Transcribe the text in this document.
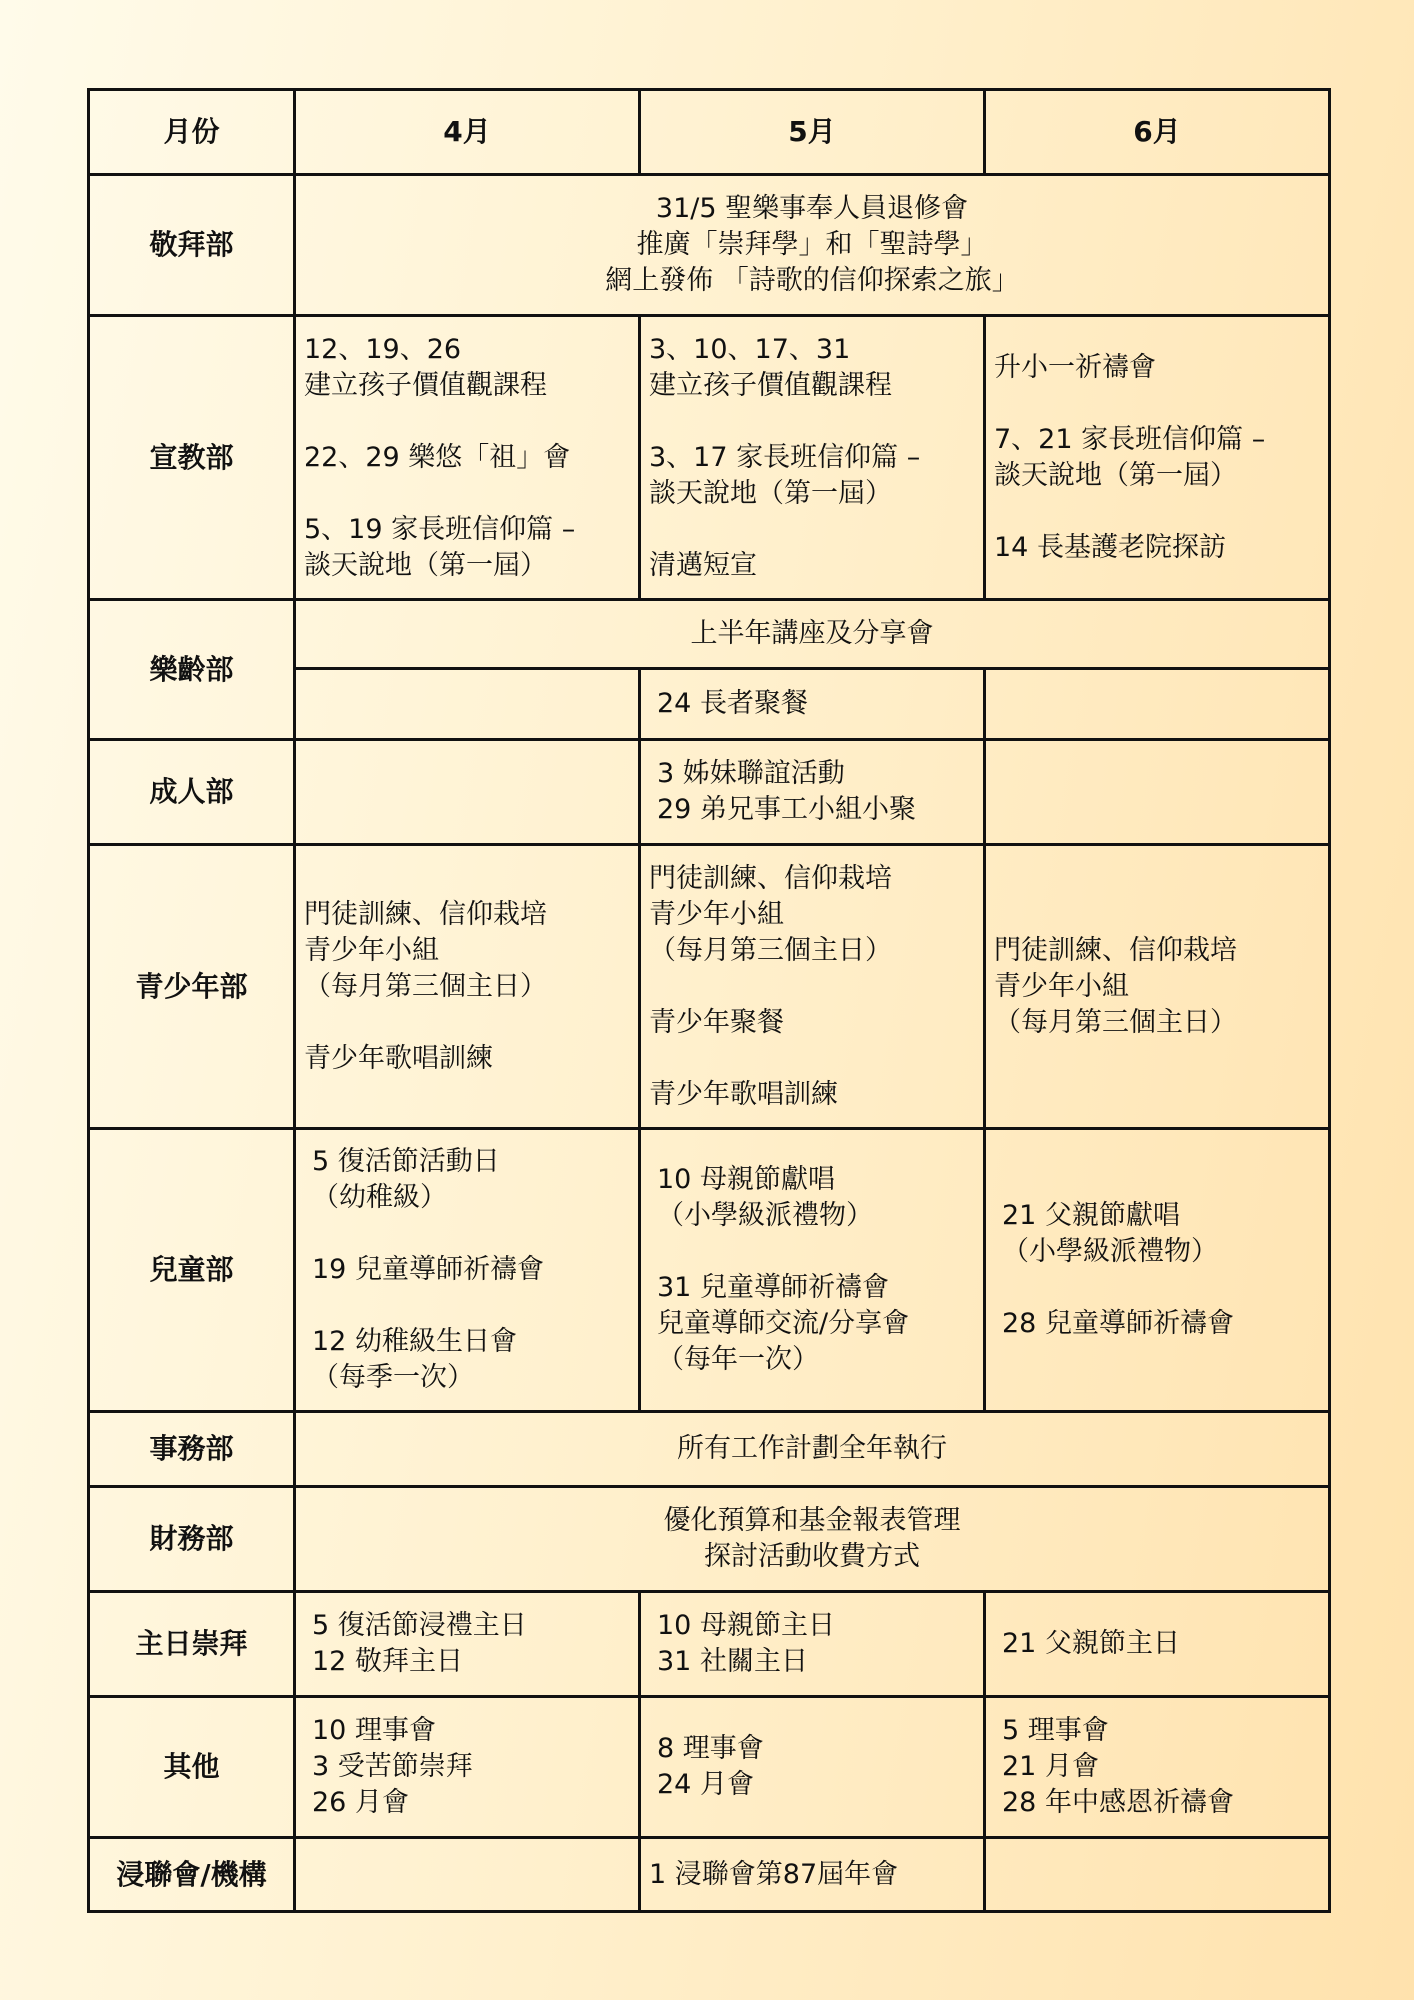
月份	4月	5月	6月
敬拜部	31/5 聖樂事奉人員退修會
推廣「崇拜學」和「聖詩學」
網上發佈 「詩歌的信仰探索之旅」		

宣教部	12、19、26
建立孩子價值觀課程
22、29 樂悠「祖」會
5、19 家長班信仰篇 –
談天說地（第一屆）	3、10、17、31
建立孩子價值觀課程
3、17 家長班信仰篇 –
談天說地（第一屆）
清邁短宣	升小一祈禱會
7、21 家長班信仰篇 –
談天說地（第一屆）
14 長基護老院探訪

樂齡部	上半年講座及分享會		

		24 長者聚餐	

成人部		3 姊妹聯誼活動
29 弟兄事工小組小聚	

青少年部	門徒訓練、信仰栽培
青少年小組
（每月第三個主日）
青少年歌唱訓練	門徒訓練、信仰栽培
青少年小組
（每月第三個主日）
青少年聚餐
青少年歌唱訓練	門徒訓練、信仰栽培
青少年小組
（每月第三個主日）

兒童部	5 復活節活動日
（幼稚級）
19 兒童導師祈禱會
12 幼稚級生日會
（每季一次）	10 母親節獻唱
（小學級派禮物）
31 兒童導師祈禱會
兒童導師交流/分享會
（每年一次）	21 父親節獻唱
（小學級派禮物）
28 兒童導師祈禱會

事務部	所有工作計劃全年執行		
財務部	優化預算和基金報表管理
探討活動收費方式		

主日崇拜	5 復活節浸禮主日
12 敬拜主日	10 母親節主日
31 社關主日	21 父親節主日

其他	10 理事會
3 受苦節崇拜
26 月會	8 理事會
24 月會	5 理事會
21 月會
28 年中感恩祈禱會

浸聯會/機構		1 浸聯會第87屆年會	
